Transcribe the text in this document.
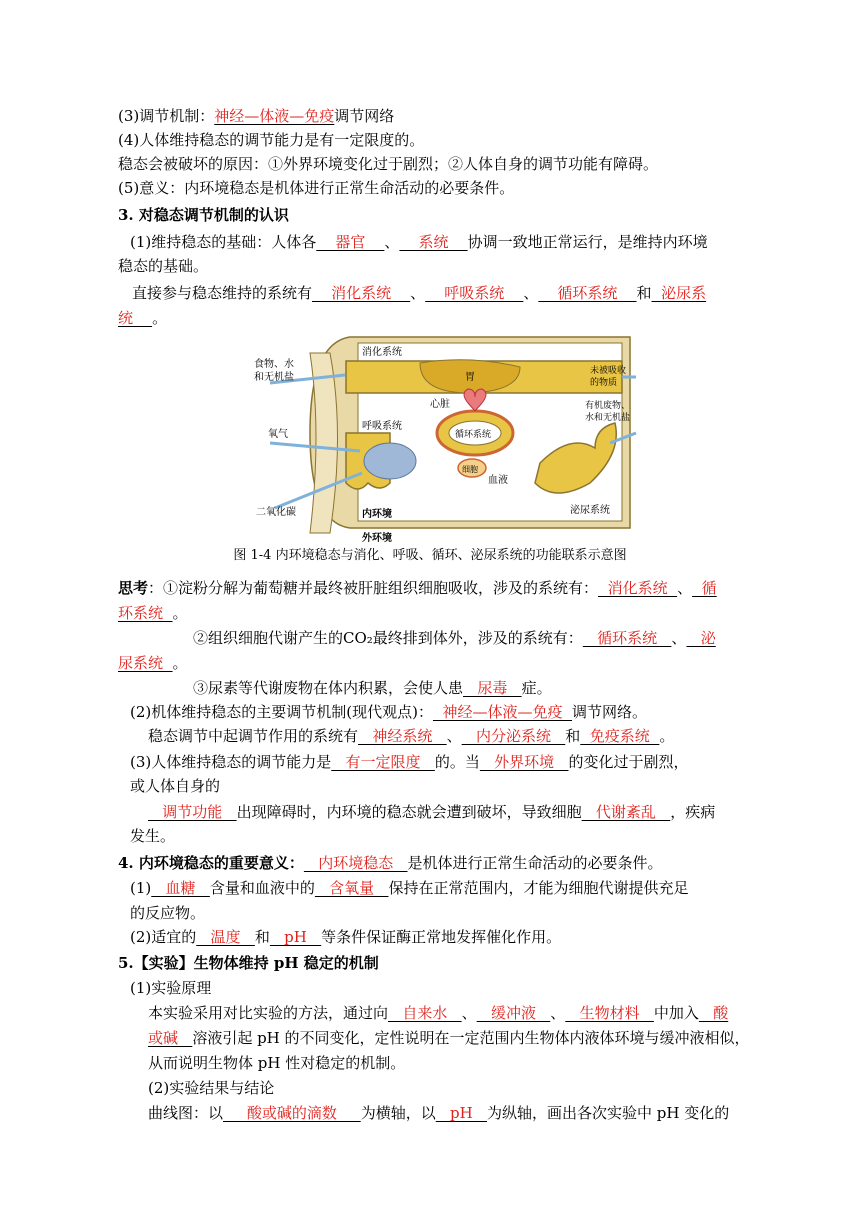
(3)调节机制：神经—体液—免疫调节网络
(4)人体维持稳态的调节能力是有一定限度的。
稳态会被破坏的原因：①外界环境变化过于剧烈；②人体自身的调节功能有障碍。
(5)意义：内环境稳态是机体进行正常生命活动的必要条件。
3. 对稳态调节机制的认识
(1)维持稳态的基础：人体各    器官    、    系统    协调一致地正常运行，是维持内环境
稳态的基础。
直接参与稳态维持的系统有    消化系统    、    呼吸系统    、    循环系统    和  泌尿系
统    。
思考：①淀粉分解为葡萄糖并最终被肝脏组织细胞吸收，涉及的系统有：  消化系统  、  循
环系统  。
②组织细胞代谢产生的CO₂最终排到体外，涉及的系统有：   循环系统   、   泌
尿系统  。
③尿素等代谢废物在体内积累，会使人患   尿毒   症。
(2)机体维持稳态的主要调节机制(现代观点)：  神经—体液—免疫  调节网络。
稳态调节中起调节作用的系统有   神经系统   、   内分泌系统   和  免疫系统  。
(3)人体维持稳态的调节能力是   有一定限度   的。当   外界环境   的变化过于剧烈，
或人体自身的
调节功能   出现障碍时，内环境的稳态就会遭到破坏，导致细胞   代谢紊乱   ，疾病
发生。
4. 内环境稳态的重要意义：   内环境稳态   是机体进行正常生命活动的必要条件。
(1)   血糖   含量和血液中的   含氧量   保持在正常范围内，才能为细胞代谢提供充足
的反应物。
(2)适宜的   温度   和   pH   等条件保证酶正常地发挥催化作用。
5.【实验】生物体维持 pH 稳定的机制
(1)实验原理
本实验采用对比实验的方法，通过向   自来水   、   缓冲液   、   生物材料   中加入   酸
或碱   溶液引起 pH 的不同变化，定性说明在一定范围内生物体内液体环境与缓冲液相似，
从而说明生物体 pH 性对稳定的机制。
(2)实验结果与结论
曲线图：以     酸或碱的滴数     为横轴，以   pH   为纵轴，画出各次实验中 pH 变化的
食物、水
和无机盐
氧气
二氧化碳
消化系统
胃
心脏
呼吸系统
循环系统
细胞
血液
泌尿系统
内环境
外环境
未被吸收
的物质
有机废物、
水和无机盐
图 1-4 内环境稳态与消化、呼吸、循环、泌尿系统的功能联系示意图
